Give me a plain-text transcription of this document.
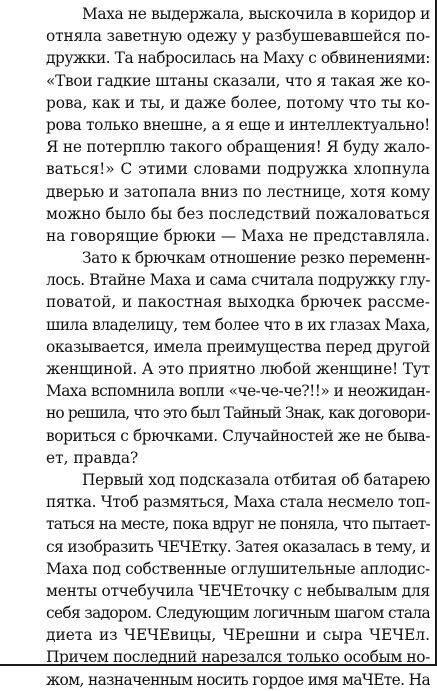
Маха не выдержала, выскочила в коридор и
отняла заветную одежу у разбушевавшейся по-
дружки. Та набросилась на Маху с обвинениями:
«Твои гадкие штаны сказали, что я такая же ко-
рова, как и ты, и даже более, потому что ты ко-
рова только внешне, а я еще и интеллектуально!
Я не потерплю такого обращения! Я буду жало-
ваться!» С этими словами подружка хлопнула
дверью и затопала вниз по лестнице, хотя кому
можно было бы без последствий пожаловаться
на говорящие брюки — Маха не представляла.
Зато к брючкам отношение резко переменн-
лось. Втайне Маха и сама считала подружку глу-
поватой, и пакостная выходка брючек рассме-
шила владелицу, тем более что в их глазах Маха,
оказывается, имела преимущества перед другой
женщиной. А это приятно любой женщине! Тут
Маха вспомнила вопли «че-че-че?!!» и неожидан-
но решила, что это был Тайный Знак, как договори-
вориться с брючками. Случайностей же не быва-
ет, правда?
Первый ход подсказала отбитая об батарею
пятка. Чтоб размяться, Маха стала несмело топ-
таться на месте, пока вдруг не поняла, что пытает-
ся изобразить ЧЕЧЕтку. Затея оказалась в тему, и
Маха под собственные оглушительные аплодис-
менты отчебучила ЧЕЧЕточку с небывалым для
себя задором. Следующим логичным шагом стала
диета из ЧЕЧЕвицы, ЧЕрешни и сыра ЧЕЧЕл.
Причем последний нарезался только особым но-
жом, назначенным носить гордое имя маЧЕте. На
